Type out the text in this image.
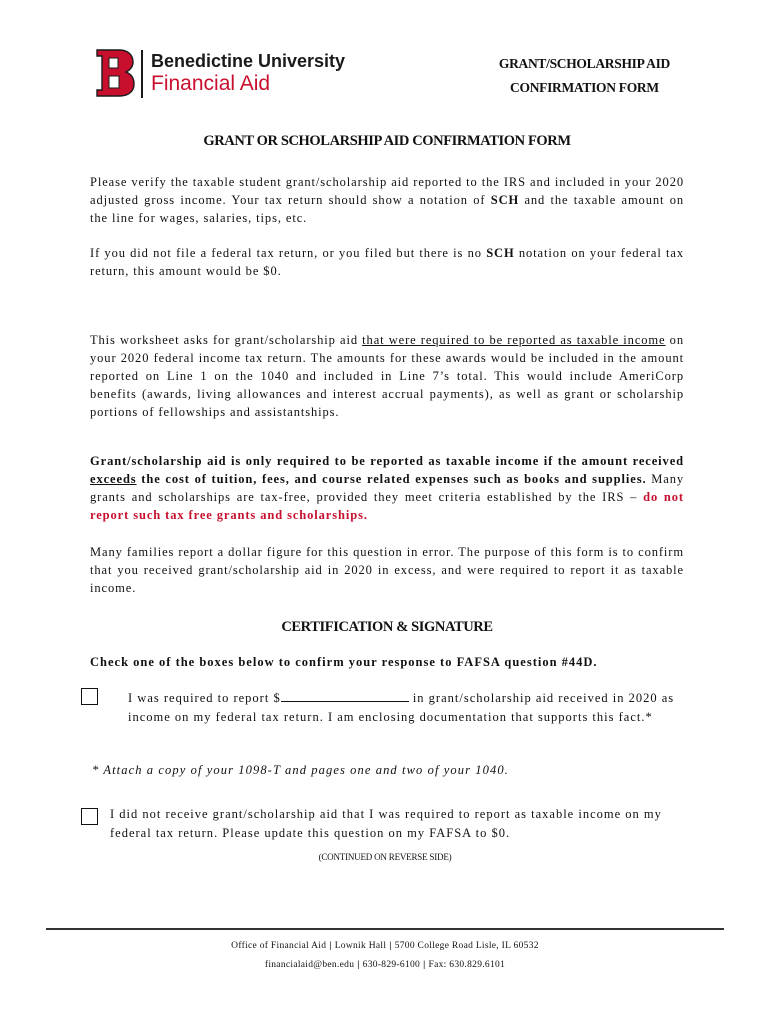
Benedictine University
Financial Aid
GRANT/SCHOLARSHIP AID
CONFIRMATION FORM
GRANT OR SCHOLARSHIP AID CONFIRMATION FORM

Please verify the taxable student grant/scholarship aid reported to the IRS and included in your 2020 adjusted gross income. Your tax return should show a notation of SCH and the taxable amount on the line for wages, salaries, tips, etc.

If you did not file a federal tax return, or you filed but there is no SCH notation on your federal tax return, this amount would be $0.

This worksheet asks for grant/scholarship aid that were required to be reported as taxable income on your 2020 federal income tax return. The amounts for these awards would be included in the amount reported on Line 1 on the 1040 and included in Line 7’s total. This would include AmeriCorp benefits (awards, living allowances and interest accrual payments), as well as grant or scholarship portions of fellowships and assistantships.

Grant/scholarship aid is only required to be reported as taxable income if the amount received exceeds the cost of tuition, fees, and course related expenses such as books and supplies. Many grants and scholarships are tax-free, provided they meet criteria established by the IRS – do not report such tax free grants and scholarships.

Many families report a dollar figure for this question in error. The purpose of this form is to confirm that you received grant/scholarship aid in 2020 in excess, and were required to report it as taxable income.

CERTIFICATION & SIGNATURE
Check one of the boxes below to confirm your response to FAFSA question #44D.

I was required to report $	in grant/scholarship aid received in 2020 as income on my federal tax return. I am enclosing documentation that supports this fact.*

* Attach a copy of your 1098-T and pages one and two of your 1040.

I did not receive grant/scholarship aid that I was required to report as taxable income on my federal tax return. Please update this question on my FAFSA to $0.

(CONTINUED ON REVERSE SIDE)
Office of Financial Aid | Lownik Hall | 5700 College Road Lisle, IL 60532
financialaid@ben.edu | 630-829-6100 | Fax: 630.829.6101
